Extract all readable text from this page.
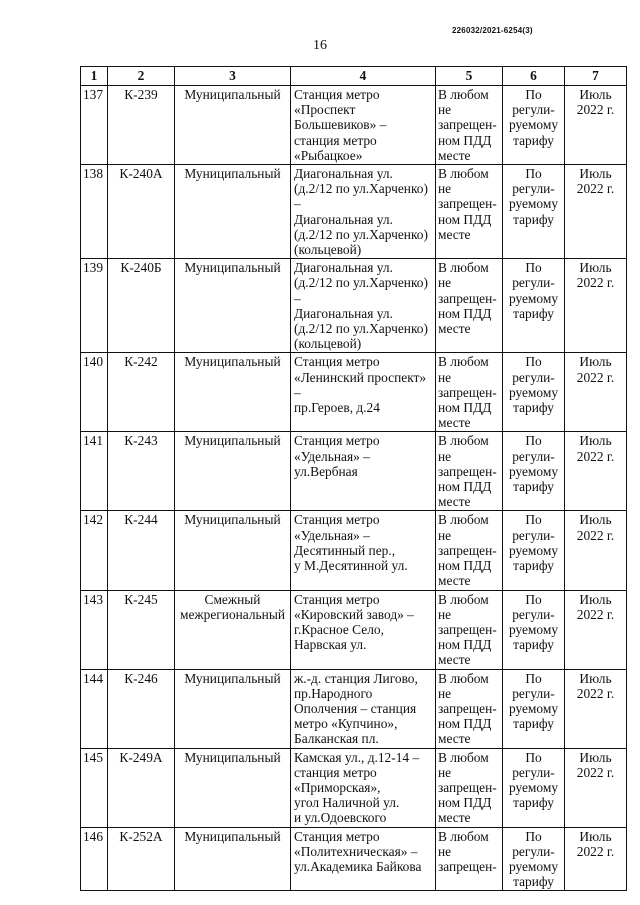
226032/2021-6254(3)
16
1	2	3	4	5	6	7
137	К-239	Муниципальный	Станция метро
«Проспект
Большевиков» –
станция метро
«Рыбацкое»	В любом
не
запрещен-
ном ПДД
месте	По
регули-
руемому
тарифу	Июль
2022 г.
138	К-240А	Муниципальный	Диагональная ул.
(д.2/12 по ул.Харченко) –
Диагональная ул.
(д.2/12 по ул.Харченко)
(кольцевой)	В любом
не
запрещен-
ном ПДД
месте	По
регули-
руемому
тарифу	Июль
2022 г.
139	К-240Б	Муниципальный	Диагональная ул.
(д.2/12 по ул.Харченко) –
Диагональная ул.
(д.2/12 по ул.Харченко)
(кольцевой)	В любом
не
запрещен-
ном ПДД
месте	По
регули-
руемому
тарифу	Июль
2022 г.
140	К-242	Муниципальный	Станция метро
«Ленинский проспект» –
пр.Героев, д.24	В любом
не
запрещен-
ном ПДД
месте	По
регули-
руемому
тарифу	Июль
2022 г.
141	К-243	Муниципальный	Станция метро
«Удельная» –
ул.Вербная	В любом
не
запрещен-
ном ПДД
месте	По
регули-
руемому
тарифу	Июль
2022 г.
142	К-244	Муниципальный	Станция метро
«Удельная» –
Десятинный пер.,
у М.Десятинной ул.	В любом
не
запрещен-
ном ПДД
месте	По
регули-
руемому
тарифу	Июль
2022 г.
143	К-245	Смежный
межрегиональный	Станция метро
«Кировский завод» –
г.Красное Село,
Нарвская ул.	В любом
не
запрещен-
ном ПДД
месте	По
регули-
руемому
тарифу	Июль
2022 г.
144	К-246	Муниципальный	ж.-д. станция Лигово,
пр.Народного
Ополчения – станция
метро «Купчино»,
Балканская пл.	В любом
не
запрещен-
ном ПДД
месте	По
регули-
руемому
тарифу	Июль
2022 г.
145	К-249А	Муниципальный	Камская ул., д.12-14 –
станция метро
«Приморская»,
угол Наличной ул.
и ул.Одоевского	В любом
не
запрещен-
ном ПДД
месте	По
регули-
руемому
тарифу	Июль
2022 г.
146	К-252А	Муниципальный	Станция метро
«Политехническая» –
ул.Академика Байкова	В любом
не
запрещен-	По
регули-
руемому
тарифу	Июль
2022 г.
